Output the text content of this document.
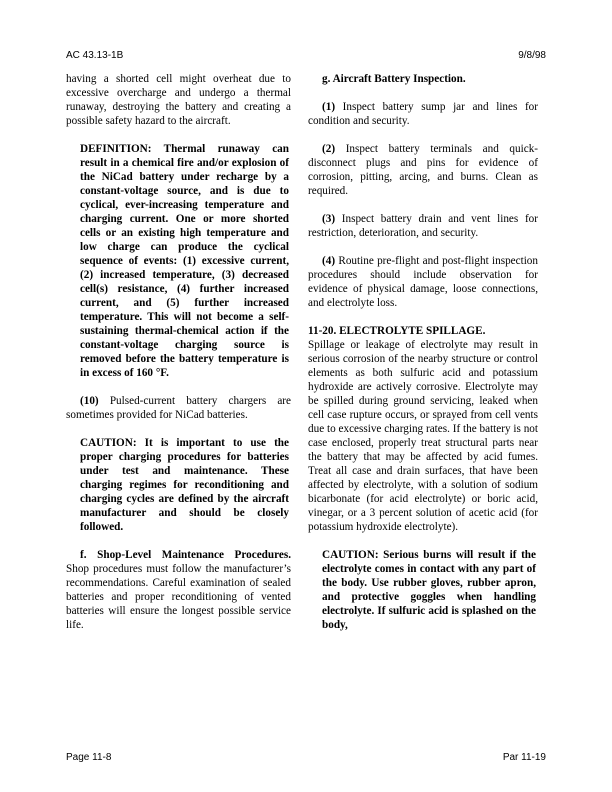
AC 43.13-1B	9/8/98

having a shorted cell might overheat due to excessive overcharge and undergo a thermal runaway, destroying the battery and creating a possible safety hazard to the aircraft.

DEFINITION: Thermal runaway can result in a chemical fire and/or explosion of the NiCad battery under recharge by a constant-voltage source, and is due to cyclical, ever-increasing temperature and charging current. One or more shorted cells or an existing high temperature and low charge can produce the cyclical sequence of events: (1) excessive current, (2) increased temperature, (3) decreased cell(s) resistance, (4) further increased current, and (5) further increased temperature. This will not become a self-sustaining thermal-chemical action if the constant-voltage charging source is removed before the battery temperature is in excess of 160 °F.

(10) Pulsed-current battery chargers are sometimes provided for NiCad batteries.

CAUTION: It is important to use the proper charging procedures for batteries under test and maintenance. These charging regimes for reconditioning and charging cycles are defined by the aircraft manufacturer and should be closely followed.

f. Shop-Level Maintenance Procedures. Shop procedures must follow the manufacturer’s recommendations. Careful examination of sealed batteries and proper reconditioning of vented batteries will ensure the longest possible service life.

g. Aircraft Battery Inspection.

(1) Inspect battery sump jar and lines for condition and security.

(2) Inspect battery terminals and quick-disconnect plugs and pins for evidence of corrosion, pitting, arcing, and burns. Clean as required.

(3) Inspect battery drain and vent lines for restriction, deterioration, and security.

(4) Routine pre-flight and post-flight inspection procedures should include observation for evidence of physical damage, loose connections, and electrolyte loss.

11-20. ELECTROLYTE SPILLAGE.
Spillage or leakage of electrolyte may result in serious corrosion of the nearby structure or control elements as both sulfuric acid and potassium hydroxide are actively corrosive. Electrolyte may be spilled during ground servicing, leaked when cell case rupture occurs, or sprayed from cell vents due to excessive charging rates. If the battery is not case enclosed, properly treat structural parts near the battery that may be affected by acid fumes. Treat all case and drain surfaces, that have been affected by electrolyte, with a solution of sodium bicarbonate (for acid electrolyte) or boric acid, vinegar, or a 3 percent solution of acetic acid (for potassium hydroxide electrolyte).

CAUTION: Serious burns will result if the electrolyte comes in contact with any part of the body. Use rubber gloves, rubber apron, and protective goggles when handling electrolyte. If sulfuric acid is splashed on the body,

Page 11-8	Par 11-19
